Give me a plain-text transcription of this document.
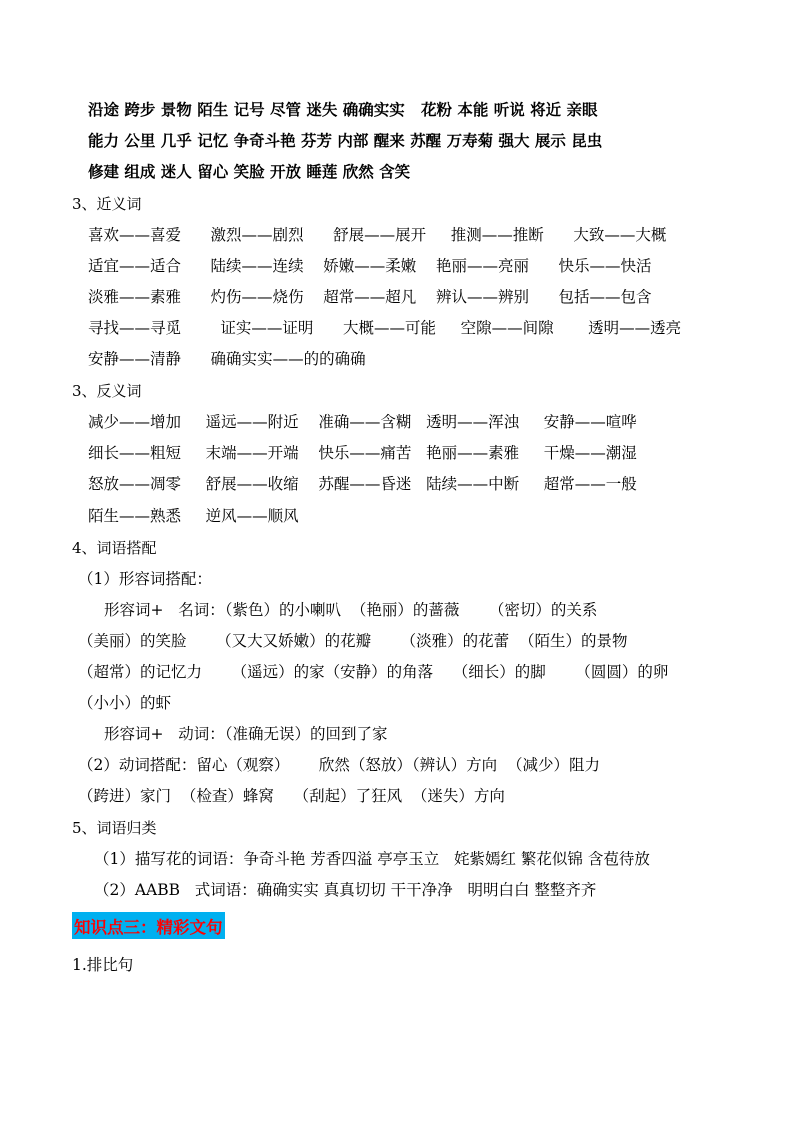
沿途 跨步 景物 陌生 记号 尽管 迷失 确确实实   花粉 本能 听说 将近 亲眼
能力 公里 几乎 记忆 争奇斗艳 芬芳 内部 醒来 苏醒 万寿菊 强大 展示 昆虫
修建 组成 迷人 留心 笑脸 开放 睡莲 欣然 含笑
3、近义词
喜欢——喜爱      激烈——剧烈      舒展——展开     推测——推断      大致——大概
适宜——适合      陆续——连续    娇嫩——柔嫩    艳丽——亮丽      快乐——快活
淡雅——素雅      灼伤——烧伤    超常——超凡    辨认——辨别      包括——包含
寻找——寻觅        证实——证明      大概——可能     空隙——间隙       透明——透亮
安静——清静      确确实实——的的确确
3、反义词
减少——增加     遥远——附近    准确——含糊   透明——浑浊     安静——喧哗
细长——粗短     末端——开端    快乐——痛苦   艳丽——素雅     干燥——潮湿
怒放——凋零     舒展——收缩    苏醒——昏迷   陆续——中断     超常——一般
陌生——熟悉     逆风——顺风
4、词语搭配
（1）形容词搭配：
形容词+   名词：（紫色）的小喇叭  （艳丽）的蔷薇      （密切）的关系
（美丽）的笑脸      （又大又娇嫩）的花瓣      （淡雅）的花蕾  （陌生）的景物
（超常）的记忆力      （遥远）的家（安静）的角落    （细长）的脚      （圆圆）的卵
（小小）的虾
形容词+   动词：（准确无误）的回到了家
（2）动词搭配：留心（观察）      欣然（怒放）（辨认）方向  （减少）阻力
（跨进）家门  （检查）蜂窝    （刮起）了狂风  （迷失）方向
5、词语归类
（1）描写花的词语：争奇斗艳 芳香四溢 亭亭玉立   姹紫嫣红 繁花似锦 含苞待放
（2）AABB   式词语：确确实实 真真切切 干干净净   明明白白 整整齐齐
知识点三：精彩文句
1.排比句
